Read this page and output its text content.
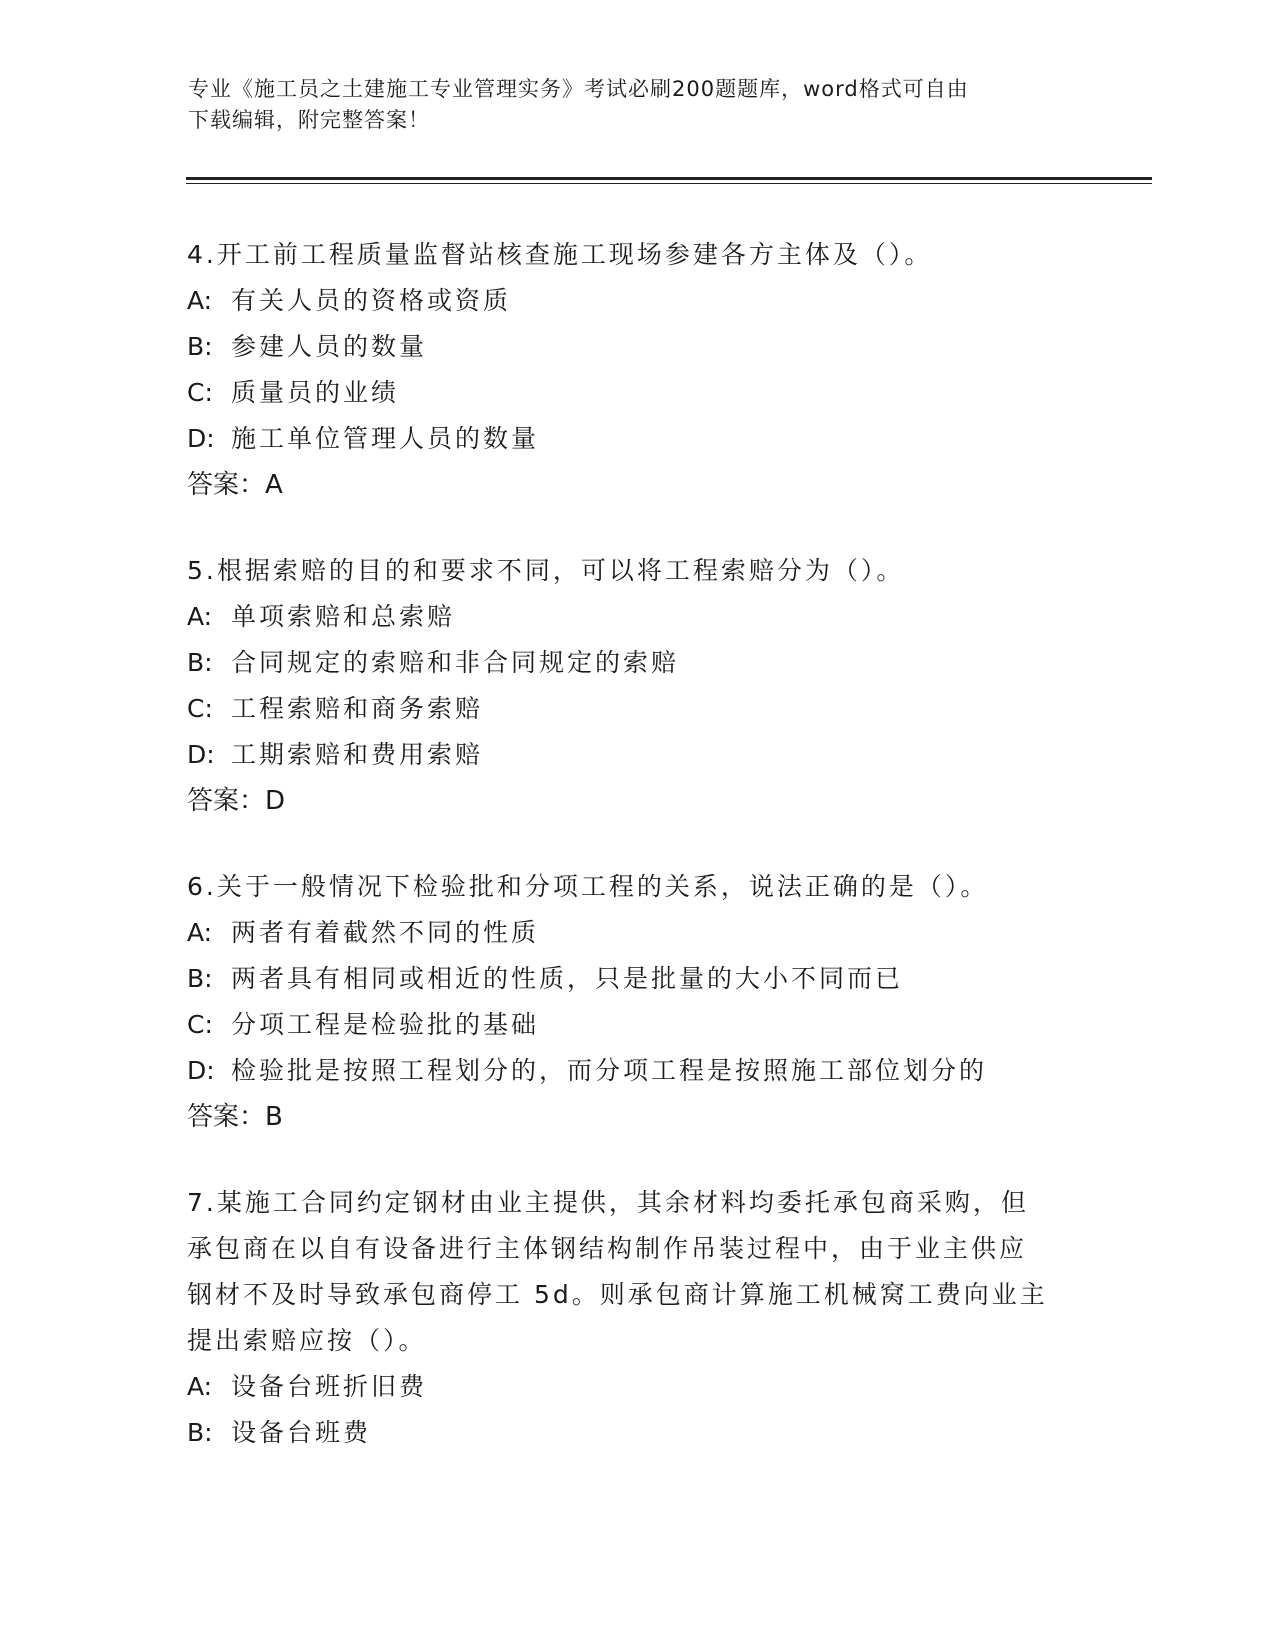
专业《施工员之土建施工专业管理实务》考试必刷200题题库，word格式可自由
下载编辑，附完整答案！
4.开工前工程质量监督站核查施工现场参建各方主体及（）。
A: 有关人员的资格或资质
B: 参建人员的数量
C: 质量员的业绩
D: 施工单位管理人员的数量
答案：A
5.根据索赔的目的和要求不同，可以将工程索赔分为（）。
A: 单项索赔和总索赔
B: 合同规定的索赔和非合同规定的索赔
C: 工程索赔和商务索赔
D: 工期索赔和费用索赔
答案：D
6.关于一般情况下检验批和分项工程的关系，说法正确的是（）。
A: 两者有着截然不同的性质
B: 两者具有相同或相近的性质，只是批量的大小不同而已
C: 分项工程是检验批的基础
D: 检验批是按照工程划分的，而分项工程是按照施工部位划分的
答案：B
7.某施工合同约定钢材由业主提供，其余材料均委托承包商采购，但
承包商在以自有设备进行主体钢结构制作吊装过程中，由于业主供应
钢材不及时导致承包商停工 5d。则承包商计算施工机械窝工费向业主
提出索赔应按（）。
A: 设备台班折旧费
B: 设备台班费
